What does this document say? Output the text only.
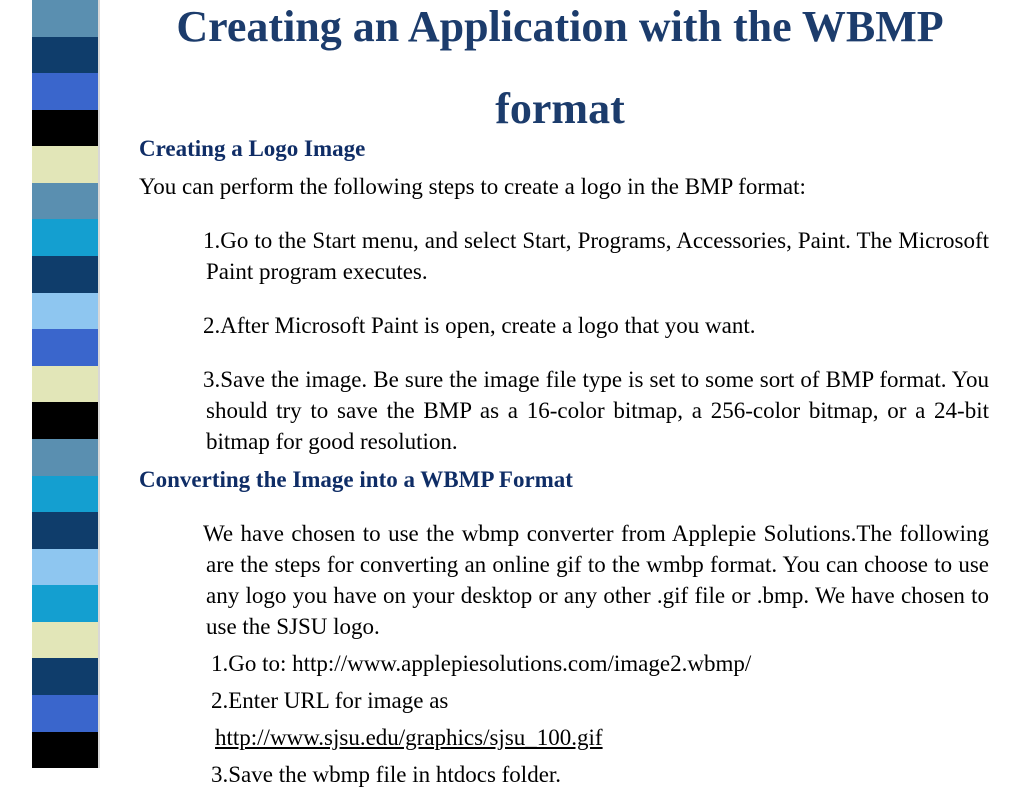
Creating an Application with the WBMP
format

Creating a Logo Image

You can perform the following steps to create a logo in the BMP format:

1.Go to the Start menu, and select Start, Programs, Accessories, Paint. The Microsoft Paint program executes.

2.After Microsoft Paint is open, create a logo that you want.

3.Save the image. Be sure the image file type is set to some sort of BMP format. You should try to save the BMP as a 16-color bitmap, a 256-color bitmap, or a 24-bit bitmap for good resolution.

Converting the Image into a WBMP Format

We have chosen to use the wbmp converter from Applepie Solutions.The following are the steps for converting an online gif to the wmbp format. You can choose to use any logo you have on your desktop or any other .gif file or .bmp. We have chosen to use the SJSU logo.

1.Go to: http://www.applepiesolutions.com/image2.wbmp/

2.Enter URL for image as

http://www.sjsu.edu/graphics/sjsu_100.gif

3.Save the wbmp file in htdocs folder.
